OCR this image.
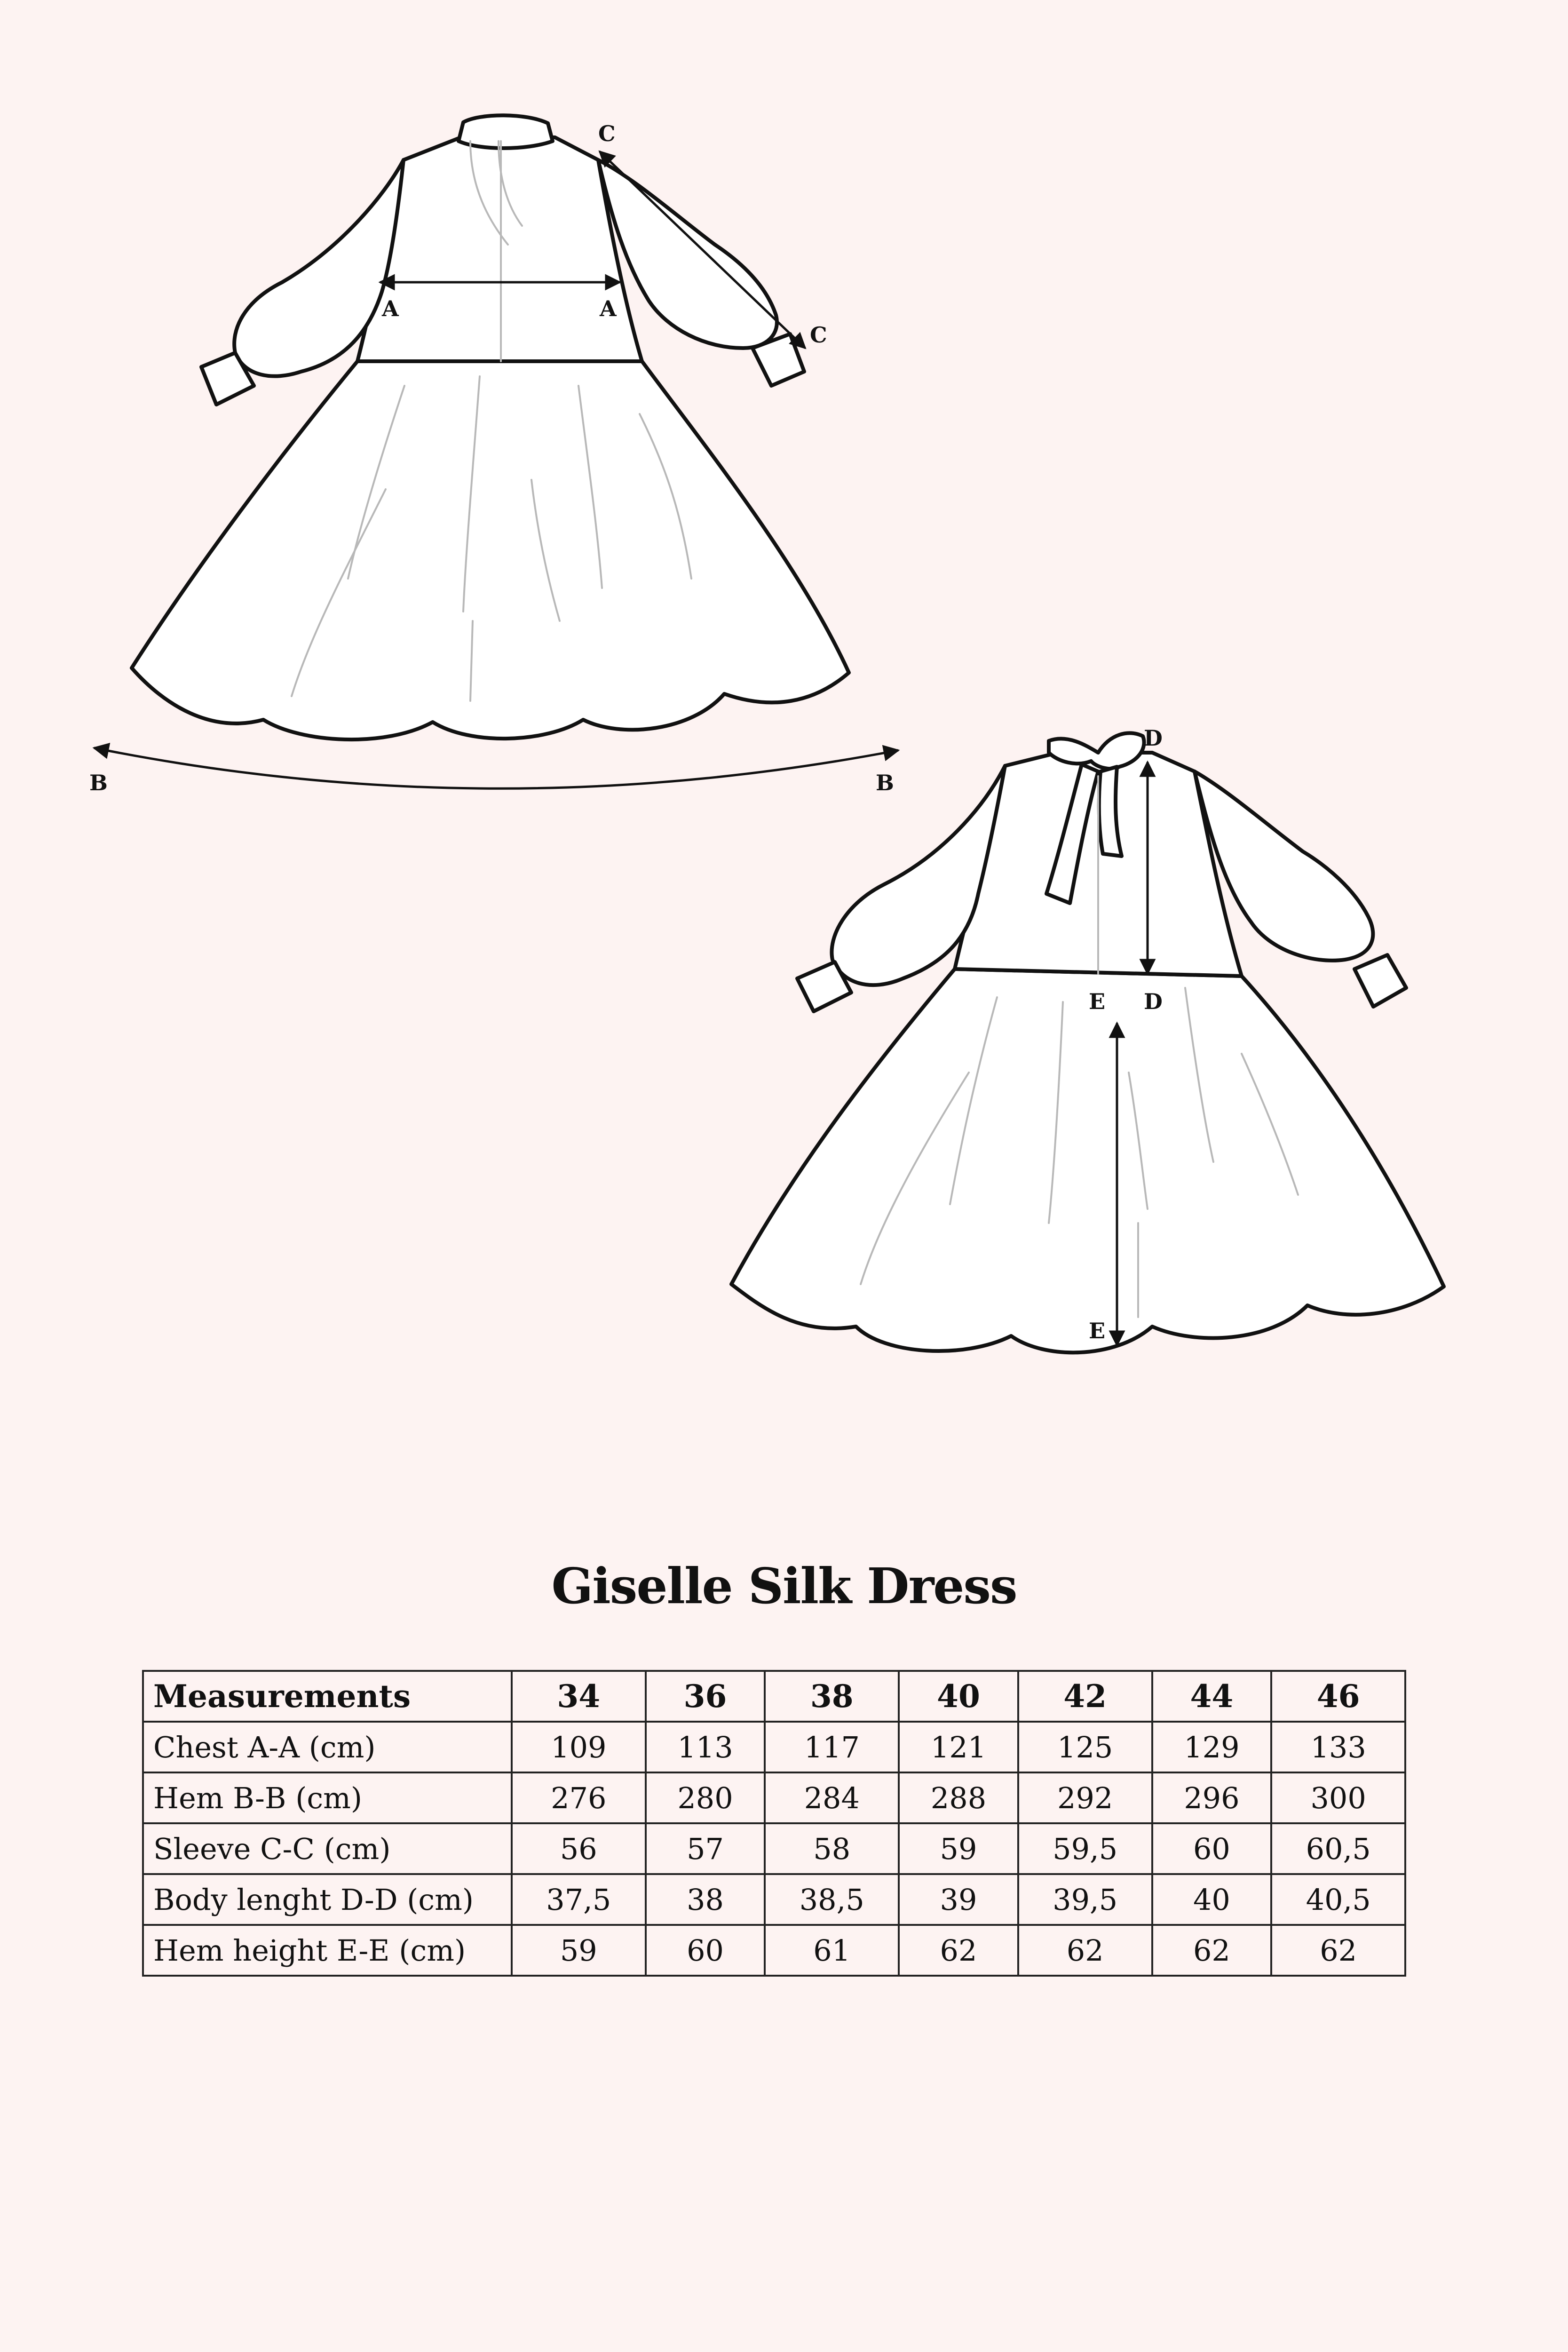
A	A
C
C
B	B
D
D
E
E
Giselle Silk Dress
Measurements	34	36	38	40	42	44	46
Chest A-A (cm)	109	113	117	121	125	129	133
Hem B-B (cm)	276	280	284	288	292	296	300
Sleeve C-C (cm)	56	57	58	59	59,5	60	60,5
Body lenght D-D (cm)	37,5	38	38,5	39	39,5	40	40,5
Hem height E-E (cm)	59	60	61	62	62	62	62
